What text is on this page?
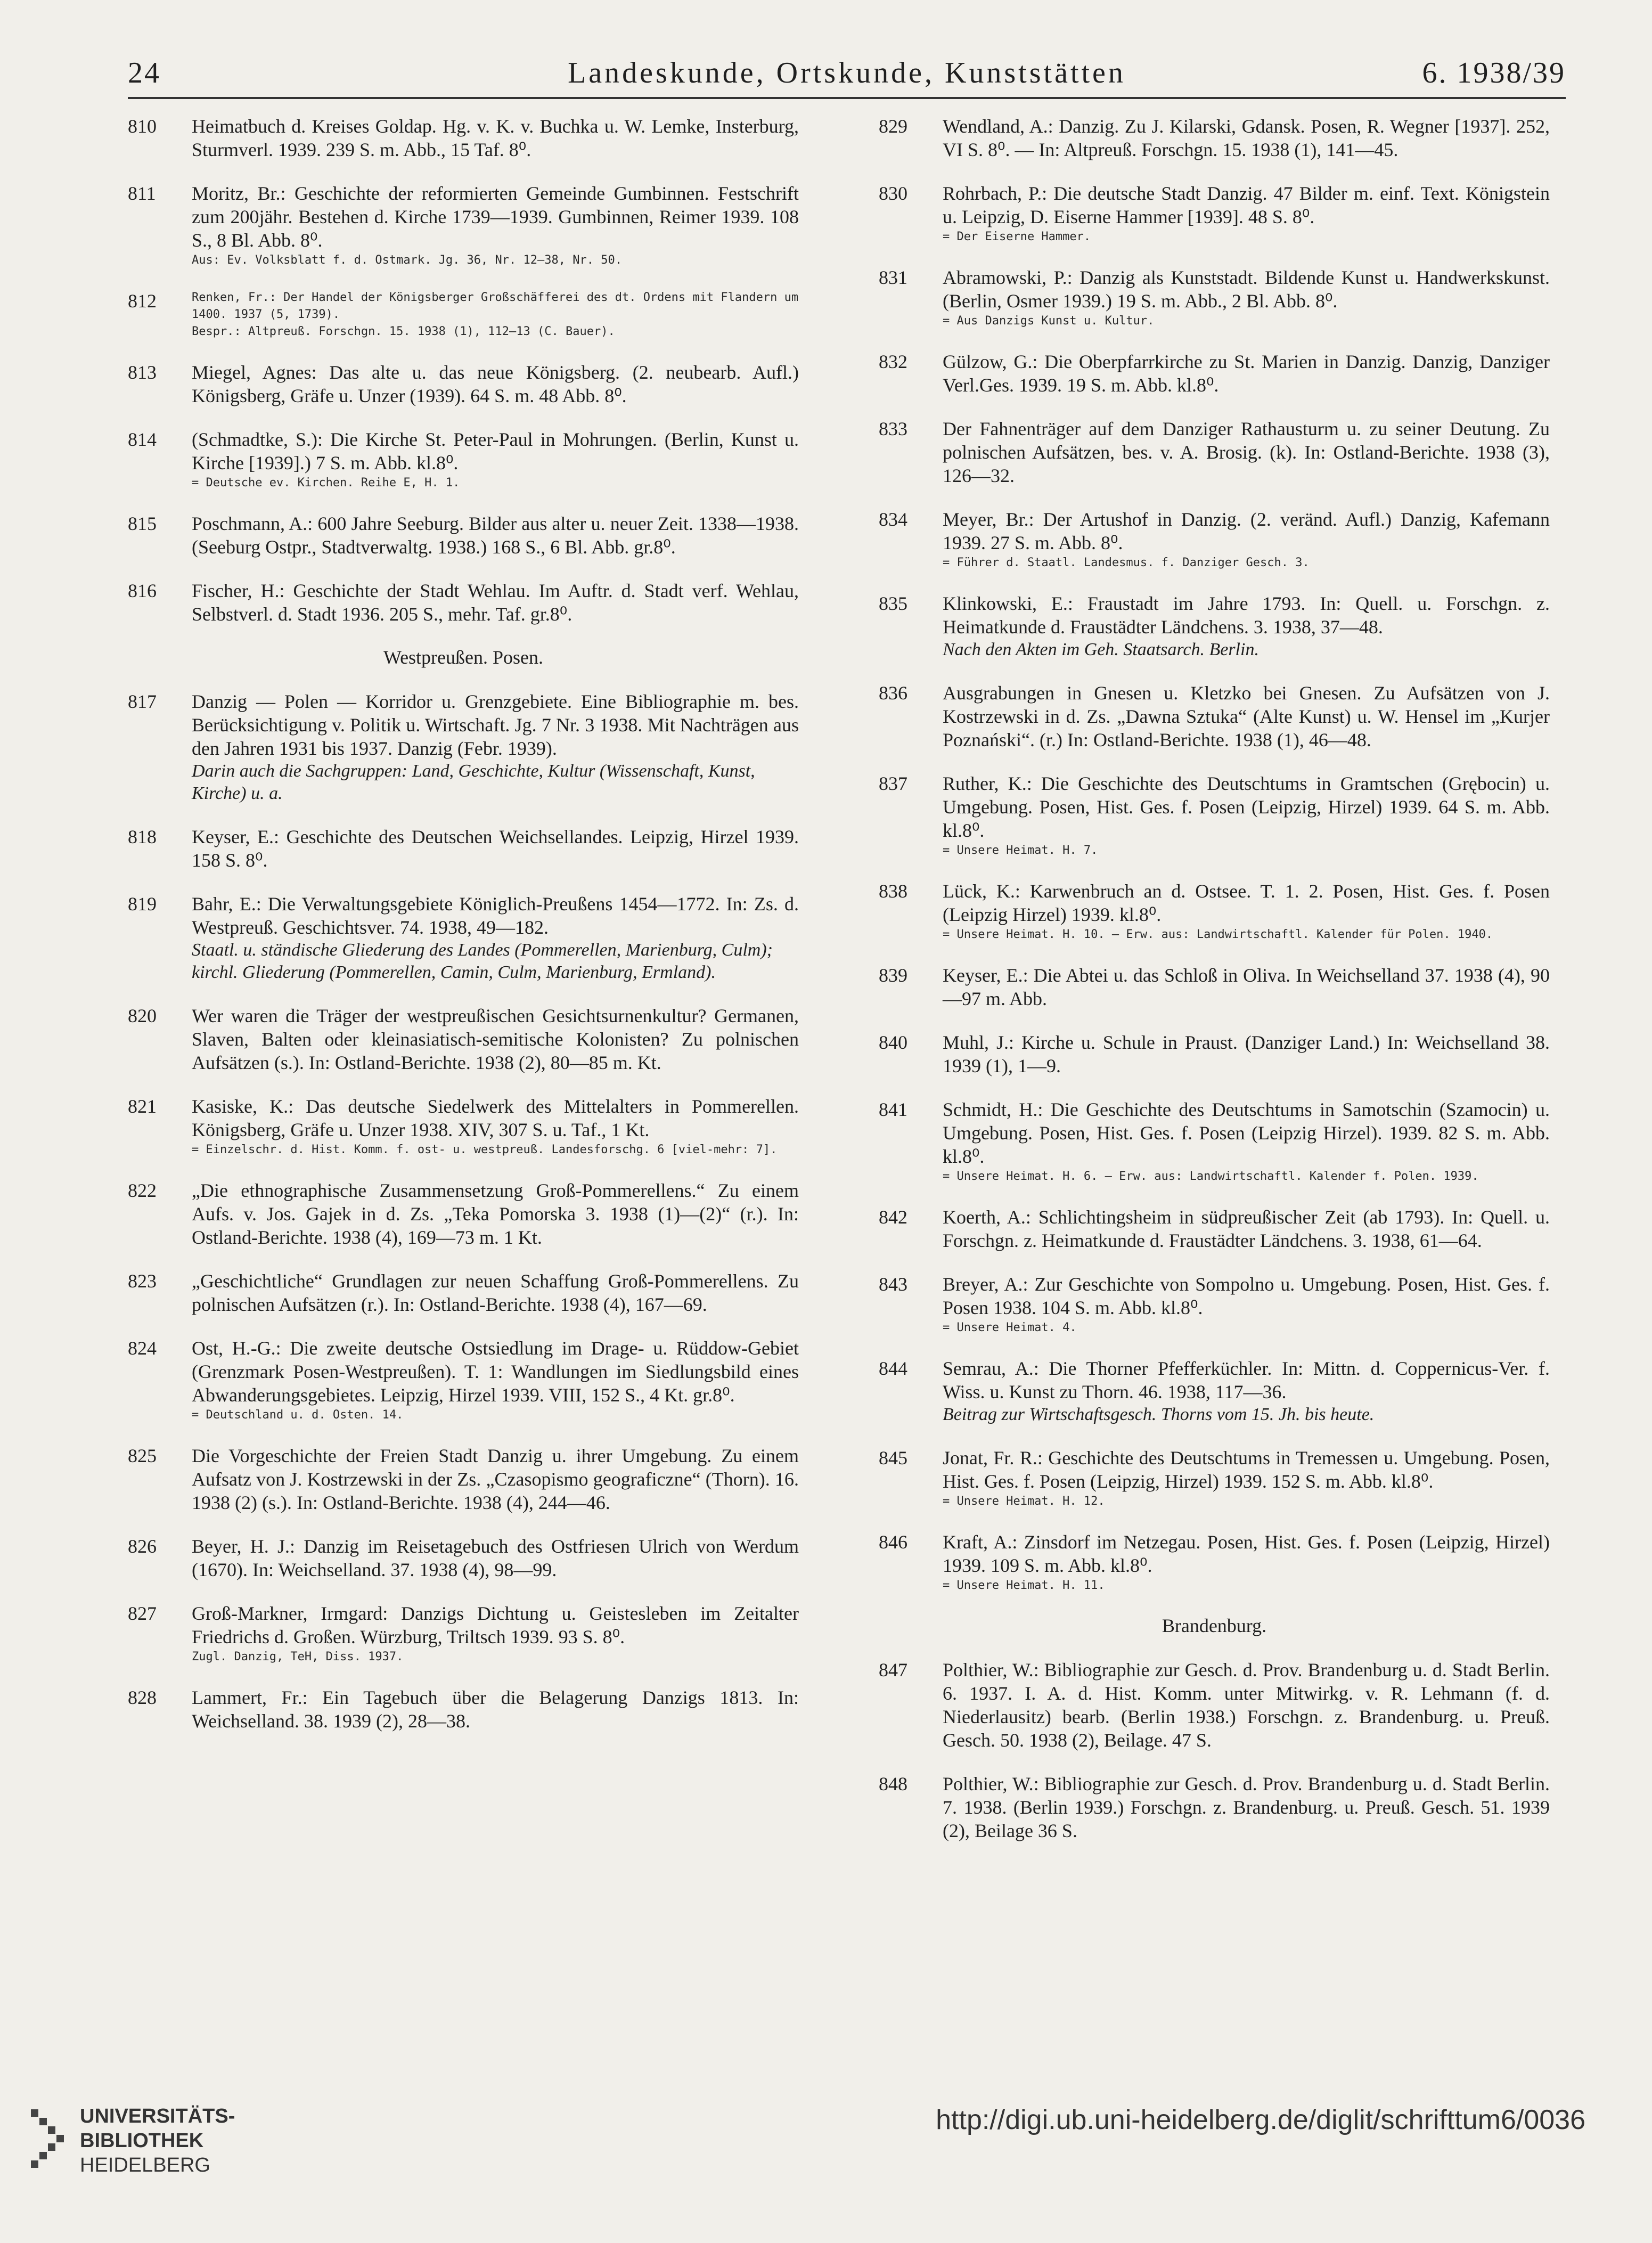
24	Landeskunde, Ortskunde, Kunststätten	6. 1938/39
810 Heimatbuch d. Kreises Goldap. Hg. v. K. v. Buchka u. W. Lemke, Insterburg, Sturmverl. 1939. 239 S. m. Abb., 15 Taf. 8⁰.
811 Moritz, Br.: Geschichte der reformierten Gemeinde Gumbinnen. Festschrift zum 200jähr. Bestehen d. Kirche 1739—1939. Gumbinnen, Reimer 1939. 108 S., 8 Bl. Abb. 8⁰.
Aus: Ev. Volksblatt f. d. Ostmark. Jg. 36, Nr. 12—38, Nr. 50.
812	Renken, Fr.: Der Handel der Königsberger Großschäfferei des dt. Ordens mit Flandern um 1400. 1937 (5, 1739).
Bespr.: Altpreuß. Forschgn. 15. 1938 (1), 112—13 (C. Bauer).
813 Miegel, Agnes: Das alte u. das neue Königsberg. (2. neubearb. Aufl.) Königsberg, Gräfe u. Unzer (1939). 64 S. m. 48 Abb. 8⁰.
814 (Schmadtke, S.): Die Kirche St. Peter-Paul in Mohrungen. (Berlin, Kunst u. Kirche [1939].) 7 S. m. Abb. kl.8⁰.
= Deutsche ev. Kirchen. Reihe E, H. 1.
815 Poschmann, A.: 600 Jahre Seeburg. Bilder aus alter u. neuer Zeit. 1338—1938. (Seeburg Ostpr., Stadtverwaltg. 1938.) 168 S., 6 Bl. Abb. gr.8⁰.
816 Fischer, H.: Geschichte der Stadt Wehlau. Im Auftr. d. Stadt verf. Wehlau, Selbstverl. d. Stadt 1936. 205 S., mehr. Taf. gr.8⁰.
Westpreußen. Posen.
817 Danzig — Polen — Korridor u. Grenzgebiete. Eine Bibliographie m. bes. Berücksichtigung v. Politik u. Wirtschaft. Jg. 7 Nr. 3 1938. Mit Nachträgen aus den Jahren 1931 bis 1937. Danzig (Febr. 1939).
Darin auch die Sachgruppen: Land, Geschichte, Kultur (Wissenschaft, Kunst, Kirche) u. a.
818 Keyser, E.: Geschichte des Deutschen Weichsellandes. Leipzig, Hirzel 1939. 158 S. 8⁰.
819 Bahr, E.: Die Verwaltungsgebiete Königlich-Preußens 1454—1772. In: Zs. d. Westpreuß. Geschichtsver. 74. 1938, 49—182.
Staatl. u. ständische Gliederung des Landes (Pommerellen, Marienburg, Culm); kirchl. Gliederung (Pommerellen, Camin, Culm, Marienburg, Ermland).
820 Wer waren die Träger der westpreußischen Gesichtsurnenkultur? Germanen, Slaven, Balten oder kleinasiatisch-semitische Kolonisten? Zu polnischen Aufsätzen (s.). In: Ostland-Berichte. 1938 (2), 80—85 m. Kt.
821 Kasiske, K.: Das deutsche Siedelwerk des Mittelalters in Pommerellen. Königsberg, Gräfe u. Unzer 1938. XIV, 307 S. u. Taf., 1 Kt.
= Einzelschr. d. Hist. Komm. f. ost- u. westpreuß. Landesforschg. 6 [viel-mehr: 7].
822 „Die ethnographische Zusammensetzung Groß-Pommerellens.“ Zu einem Aufs. v. Jos. Gajek in d. Zs. „Teka Pomorska 3. 1938 (1)—(2)“ (r.). In: Ostland-Berichte. 1938 (4), 169—73 m. 1 Kt.
823 „Geschichtliche“ Grundlagen zur neuen Schaffung Groß-Pommerellens. Zu polnischen Aufsätzen (r.). In: Ostland-Berichte. 1938 (4), 167—69.
824 Ost, H.-G.: Die zweite deutsche Ostsiedlung im Drage- u. Rüddow-Gebiet (Grenzmark Posen-Westpreußen). T. 1: Wandlungen im Siedlungsbild eines Abwanderungsgebietes. Leipzig, Hirzel 1939. VIII, 152 S., 4 Kt. gr.8⁰.
= Deutschland u. d. Osten. 14.
825 Die Vorgeschichte der Freien Stadt Danzig u. ihrer Umgebung. Zu einem Aufsatz von J. Kostrzewski in der Zs. „Czasopismo geograficzne“ (Thorn). 16. 1938 (2) (s.). In: Ostland-Berichte. 1938 (4), 244—46.
826 Beyer, H. J.: Danzig im Reisetagebuch des Ostfriesen Ulrich von Werdum (1670). In: Weichselland. 37. 1938 (4), 98—99.
827 Groß-Markner, Irmgard: Danzigs Dichtung u. Geistesleben im Zeitalter Friedrichs d. Großen. Würzburg, Triltsch 1939. 93 S. 8⁰.
Zugl. Danzig, TeH, Diss. 1937.
828 Lammert, Fr.: Ein Tagebuch über die Belagerung Danzigs 1813. In: Weichselland. 38. 1939 (2), 28—38.
829 Wendland, A.: Danzig. Zu J. Kilarski, Gdansk. Posen, R. Wegner [1937]. 252, VI S. 8⁰. — In: Altpreuß. Forschgn. 15. 1938 (1), 141—45.
830 Rohrbach, P.: Die deutsche Stadt Danzig. 47 Bilder m. einf. Text. Königstein u. Leipzig, D. Eiserne Hammer [1939]. 48 S. 8⁰.
= Der Eiserne Hammer.
831 Abramowski, P.: Danzig als Kunststadt. Bildende Kunst u. Handwerkskunst. (Berlin, Osmer 1939.) 19 S. m. Abb., 2 Bl. Abb. 8⁰.
= Aus Danzigs Kunst u. Kultur.
832 Gülzow, G.: Die Oberpfarrkirche zu St. Marien in Danzig. Danzig, Danziger Verl.Ges. 1939. 19 S. m. Abb. kl.8⁰.
833 Der Fahnenträger auf dem Danziger Rathausturm u. zu seiner Deutung. Zu polnischen Aufsätzen, bes. v. A. Brosig. (k). In: Ostland-Berichte. 1938 (3), 126—32.
834 Meyer, Br.: Der Artushof in Danzig. (2. veränd. Aufl.) Danzig, Kafemann 1939. 27 S. m. Abb. 8⁰.
= Führer d. Staatl. Landesmus. f. Danziger Gesch. 3.
835 Klinkowski, E.: Fraustadt im Jahre 1793. In: Quell. u. Forschgn. z. Heimatkunde d. Fraustädter Ländchens. 3. 1938, 37—48.
Nach den Akten im Geh. Staatsarch. Berlin.
836 Ausgrabungen in Gnesen u. Kletzko bei Gnesen. Zu Aufsätzen von J. Kostrzewski in d. Zs. „Dawna Sztuka“ (Alte Kunst) u. W. Hensel im „Kurjer Poznański“. (r.) In: Ostland-Berichte. 1938 (1), 46—48.
837 Ruther, K.: Die Geschichte des Deutschtums in Gramtschen (Grębocin) u. Umgebung. Posen, Hist. Ges. f. Posen (Leipzig, Hirzel) 1939. 64 S. m. Abb. kl.8⁰.
= Unsere Heimat. H. 7.
838 Lück, K.: Karwenbruch an d. Ostsee. T. 1. 2. Posen, Hist. Ges. f. Posen (Leipzig Hirzel) 1939. kl.8⁰.
= Unsere Heimat. H. 10. — Erw. aus: Landwirtschaftl. Kalender für Polen. 1940.
839 Keyser, E.: Die Abtei u. das Schloß in Oliva. In Weichselland 37. 1938 (4), 90—97 m. Abb.
840 Muhl, J.: Kirche u. Schule in Praust. (Danziger Land.) In: Weichselland 38. 1939 (1), 1—9.
841 Schmidt, H.: Die Geschichte des Deutschtums in Samotschin (Szamocin) u. Umgebung. Posen, Hist. Ges. f. Posen (Leipzig Hirzel). 1939. 82 S. m. Abb. kl.8⁰.
= Unsere Heimat. H. 6. — Erw. aus: Landwirtschaftl. Kalender f. Polen. 1939.
842 Koerth, A.: Schlichtingsheim in südpreußischer Zeit (ab 1793). In: Quell. u. Forschgn. z. Heimatkunde d. Fraustädter Ländchens. 3. 1938, 61—64.
843 Breyer, A.: Zur Geschichte von Sompolno u. Umgebung. Posen, Hist. Ges. f. Posen 1938. 104 S. m. Abb. kl.8⁰.
= Unsere Heimat. 4.
844 Semrau, A.: Die Thorner Pfefferküchler. In: Mittn. d. Coppernicus-Ver. f. Wiss. u. Kunst zu Thorn. 46. 1938, 117—36.
Beitrag zur Wirtschaftsgesch. Thorns vom 15. Jh. bis heute.
845 Jonat, Fr. R.: Geschichte des Deutschtums in Tremessen u. Umgebung. Posen, Hist. Ges. f. Posen (Leipzig, Hirzel) 1939. 152 S. m. Abb. kl.8⁰.
= Unsere Heimat. H. 12.
846 Kraft, A.: Zinsdorf im Netzegau. Posen, Hist. Ges. f. Posen (Leipzig, Hirzel) 1939. 109 S. m. Abb. kl.8⁰.
= Unsere Heimat. H. 11.
Brandenburg.
847 Polthier, W.: Bibliographie zur Gesch. d. Prov. Brandenburg u. d. Stadt Berlin. 6. 1937. I. A. d. Hist. Komm. unter Mitwirkg. v. R. Lehmann (f. d. Niederlausitz) bearb. (Berlin 1938.) Forschgn. z. Brandenburg. u. Preuß. Gesch. 50. 1938 (2), Beilage. 47 S.
848 Polthier, W.: Bibliographie zur Gesch. d. Prov. Brandenburg u. d. Stadt Berlin. 7. 1938. (Berlin 1939.) Forschgn. z. Brandenburg. u. Preuß. Gesch. 51. 1939 (2), Beilage 36 S.
UNIVERSITÄTS-
BIBLIOTHEK
HEIDELBERG
http://digi.ub.uni-heidelberg.de/diglit/schrifttum6/0036
